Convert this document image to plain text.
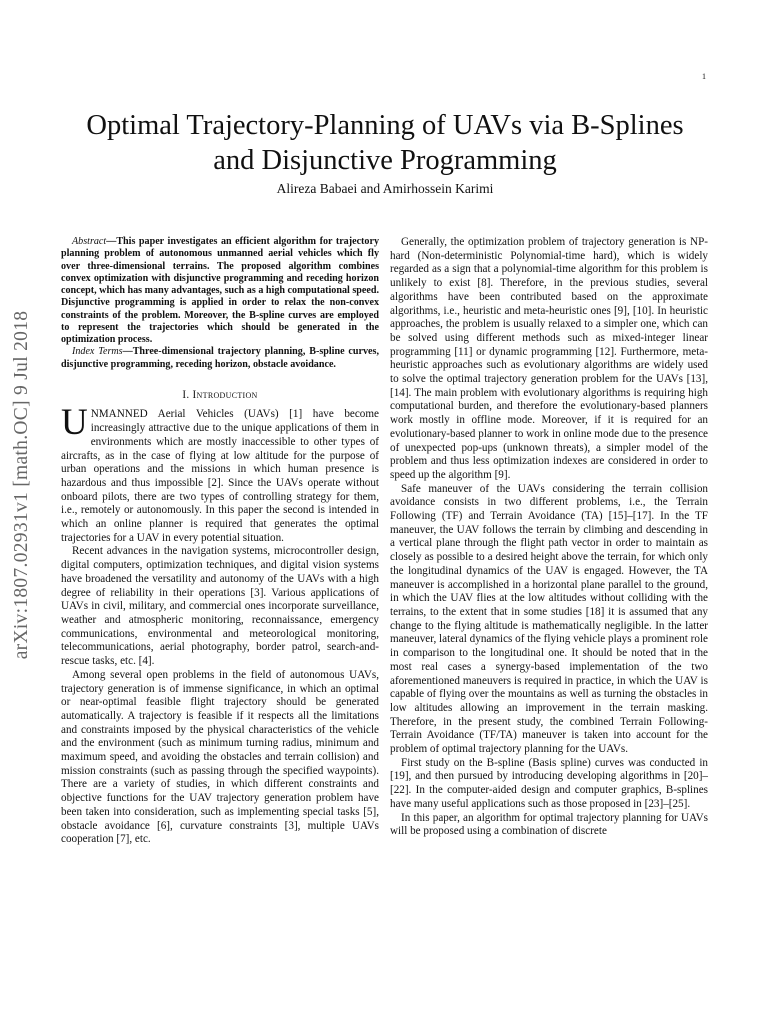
1
arXiv:1807.02931v1 [math.OC] 9 Jul 2018
Optimal Trajectory-Planning of UAVs via B-Splines
and Disjunctive Programming
Alireza Babaei and Amirhossein Karimi

Abstract—This paper investigates an efficient algorithm for trajectory planning problem of autonomous unmanned aerial vehicles which fly over three-dimensional terrains. The proposed algorithm combines convex optimization with disjunctive programming and receding horizon concept, which has many advantages, such as a high computational speed. Disjunctive programming is applied in order to relax the non-convex constraints of the problem. Moreover, the B-spline curves are employed to represent the trajectories which should be generated in the optimization process.

Index Terms—Three-dimensional trajectory planning, B-spline curves, disjunctive programming, receding horizon, obstacle avoidance.

I. Introduction

UNMANNED Aerial Vehicles (UAVs) [1] have become increasingly attractive due to the unique applications of them in environments which are mostly inaccessible to other types of aircrafts, as in the case of flying at low altitude for the purpose of urban operations and the missions in which human presence is hazardous and thus impossible [2]. Since the UAVs operate without onboard pilots, there are two types of controlling strategy for them, i.e., remotely or autonomously. In this paper the second is intended in which an online planner is required that generates the optimal trajectories for a UAV in every potential situation.

Recent advances in the navigation systems, microcontroller design, digital computers, optimization techniques, and digital vision systems have broadened the versatility and autonomy of the UAVs with a high degree of reliability in their operations [3]. Various applications of UAVs in civil, military, and commercial ones incorporate surveillance, weather and atmospheric monitoring, reconnaissance, emergency communications, environmental and meteorological monitoring, telecommunications, aerial photography, border patrol, search-and-rescue tasks, etc. [4].

Among several open problems in the field of autonomous UAVs, trajectory generation is of immense significance, in which an optimal or near-optimal feasible flight trajectory should be generated automatically. A trajectory is feasible if it respects all the limitations and constraints imposed by the physical characteristics of the vehicle and the environment (such as minimum turning radius, minimum and maximum speed, and avoiding the obstacles and terrain collision) and mission constraints (such as passing through the specified waypoints). There are a variety of studies, in which different constraints and objective functions for the UAV trajectory generation problem have been taken into consideration, such as implementing special tasks [5], obstacle avoidance [6], curvature constraints [3], multiple UAVs cooperation [7], etc.

Generally, the optimization problem of trajectory generation is NP-hard (Non-deterministic Polynomial-time hard), which is widely regarded as a sign that a polynomial-time algorithm for this problem is unlikely to exist [8]. Therefore, in the previous studies, several algorithms have been contributed based on the approximate algorithms, i.e., heuristic and meta-heuristic ones [9], [10]. In heuristic approaches, the problem is usually relaxed to a simpler one, which can be solved using different methods such as mixed-integer linear programming [11] or dynamic programming [12]. Furthermore, meta-heuristic approaches such as evolutionary algorithms are widely used to solve the optimal trajectory generation problem for the UAVs [13], [14]. The main problem with evolutionary algorithms is requiring high computational burden, and therefore the evolutionary-based planners work mostly in offline mode. Moreover, if it is required for an evolutionary-based planner to work in online mode due to the presence of unexpected pop-ups (unknown threats), a simpler model of the problem and thus less optimization indexes are considered in order to speed up the algorithm [9].

Safe maneuver of the UAVs considering the terrain collision avoidance consists in two different problems, i.e., the Terrain Following (TF) and Terrain Avoidance (TA) [15]–[17]. In the TF maneuver, the UAV follows the terrain by climbing and descending in a vertical plane through the flight path vector in order to maintain as closely as possible to a desired height above the terrain, for which only the longitudinal dynamics of the UAV is engaged. However, the TA maneuver is accomplished in a horizontal plane parallel to the ground, in which the UAV flies at the low altitudes without colliding with the terrains, to the extent that in some studies [18] it is assumed that any change to the flying altitude is mathematically negligible. In the latter maneuver, lateral dynamics of the flying vehicle plays a prominent role in comparison to the longitudinal one. It should be noted that in the most real cases a synergy-based implementation of the two aforementioned maneuvers is required in practice, in which the UAV is capable of flying over the mountains as well as turning the obstacles in low altitudes allowing an improvement in the terrain masking. Therefore, in the present study, the combined Terrain Following-Terrain Avoidance (TF/TA) maneuver is taken into account for the problem of optimal trajectory planning for the UAVs.

First study on the B-spline (Basis spline) curves was conducted in [19], and then pursued by introducing developing algorithms in [20]–[22]. In the computer-aided design and computer graphics, B-splines have many useful applications such as those proposed in [23]–[25].

In this paper, an algorithm for optimal trajectory planning for UAVs will be proposed using a combination of discrete
